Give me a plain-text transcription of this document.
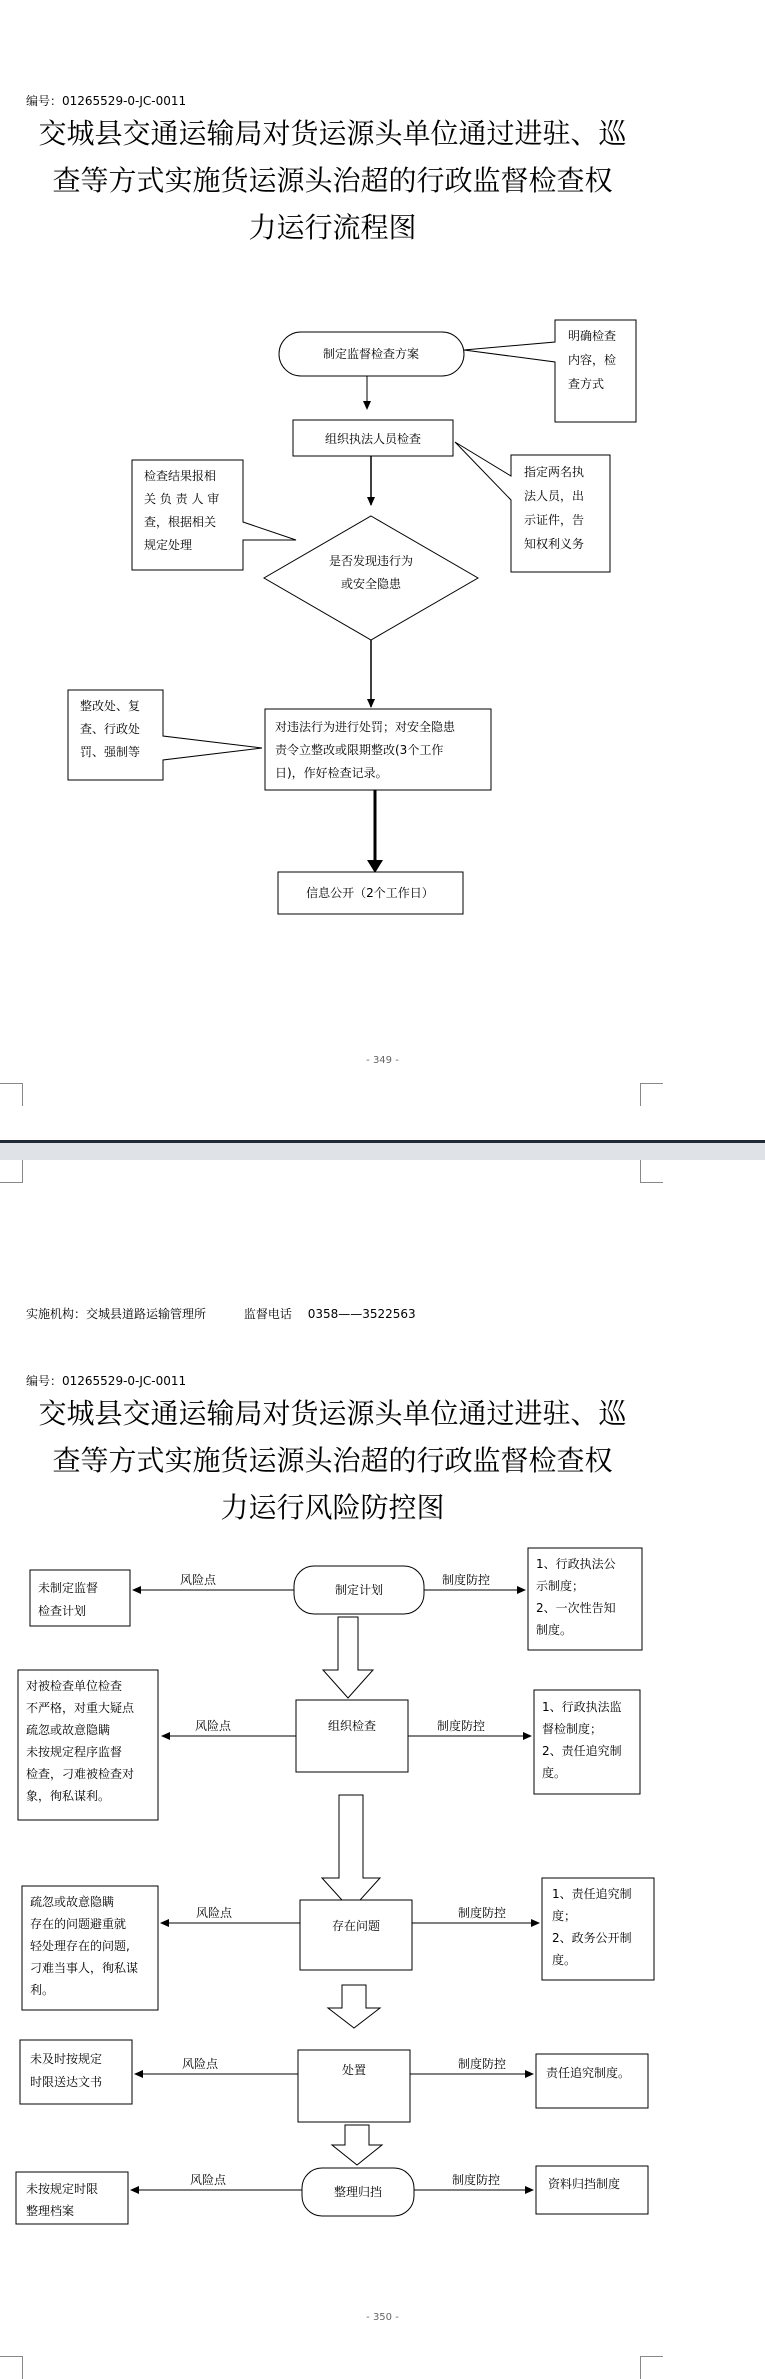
编号：01265529-0-JC-0011
交城县交通运输局对货运源头单位通过进驻、巡
查等方式实施货运源头治超的行政监督检查权
力运行流程图
制定监督检查方案
明确检查
内容，检
查方式
组织执法人员检查
指定两名执
法人员，出
示证件，告
知权利义务
检查结果报相
关 负 责 人 审
查，根据相关
规定处理
是否发现违行为
或安全隐患
整改处、复
查、行政处
罚、强制等
对违法行为进行处罚；对安全隐患
责令立整改或限期整改(3个工作
日)，作好检查记录。
信息公开（2个工作日）
- 349 -
实施机构：交城县道路运输管理所	监督电话 0358——3522563
编号：01265529-0-JC-0011
交城县交通运输局对货运源头单位通过进驻、巡
查等方式实施货运源头治超的行政监督检查权
力运行风险防控图
制定计划
未制定监督
检查计划
风险点
1、行政执法公
示制度；
2、一次性告知
制度。
制度防控
组织检查
对被检查单位检查
不严格，对重大疑点
疏忽或故意隐瞒
未按规定程序监督
检查，刁难被检查对
象，徇私谋利。
风险点
1、行政执法监
督检制度；
2、责任追究制
度。
制度防控
存在问题
疏忽或故意隐瞒
存在的问题避重就
轻处理存在的问题,
刁难当事人，徇私谋
利。
风险点
1、责任追究制
度；
2、政务公开制
度。
制度防控
处置
未及时按规定
时限送达文书
风险点
责任追究制度。
制度防控
整理归挡
未按规定时限
整理档案
风险点	资料归挡制度
制度防控
- 350 -
